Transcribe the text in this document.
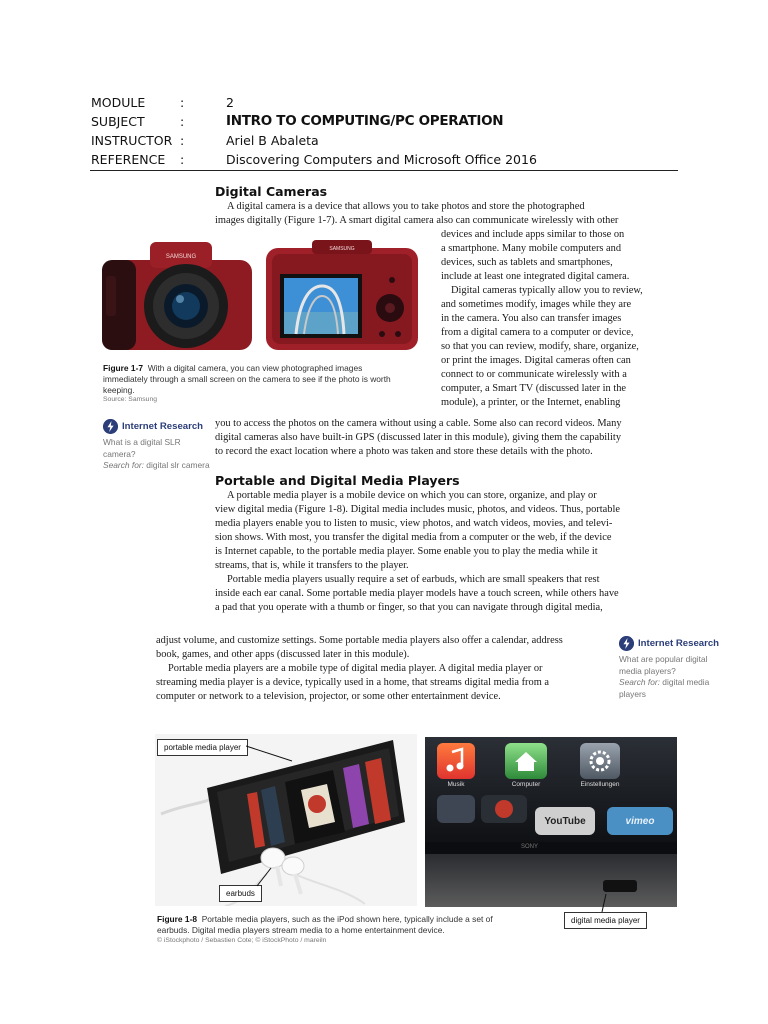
MODULE	:	2
SUBJECT	:	INTRO TO COMPUTING/PC OPERATION
INSTRUCTOR :	Ariel B Abaleta
REFERENCE :	Discovering Computers and Microsoft Office 2016
Digital Cameras
A digital camera is a device that allows you to take photos and store the photographed
images digitally (Figure 1-7). A smart digital camera also can communicate wirelessly with other
devices and include apps similar to those on
a smartphone. Many mobile computers and
devices, such as tablets and smartphones,
include at least one integrated digital camera.
Digital cameras typically allow you to review,
and sometimes modify, images while they are
in the camera. You also can transfer images
from a digital camera to a computer or device,
so that you can review, modify, share, organize,
or print the images. Digital cameras often can
connect to or communicate wirelessly with a
computer, a Smart TV (discussed later in the
module), a printer, or the Internet, enabling
you to access the photos on the camera without using a cable. Some also can record videos. Many
digital cameras also have built-in GPS (discussed later in this module), giving them the capability
to record the exact location where a photo was taken and store these details with the photo.
SAMSUNG
SAMSUNG
Figure 1-7 With a digital camera, you can view photographed images
immediately through a small screen on the camera to see if the photo is worth
keeping.
Source: Samsung
Internet Research
What is a digital SLR
camera?
Search for: digital slr camera
Portable and Digital Media Players
A portable media player is a mobile device on which you can store, organize, and play or
view digital media (Figure 1-8). Digital media includes music, photos, and videos. Thus, portable
media players enable you to listen to music, view photos, and watch videos, movies, and televi-
sion shows. With most, you transfer the digital media from a computer or the web, if the device
is Internet capable, to the portable media player. Some enable you to play the media while it
streams, that is, while it transfers to the player.
Portable media players usually require a set of earbuds, which are small speakers that rest
inside each ear canal. Some portable media player models have a touch screen, while others have
a pad that you operate with a thumb or finger, so that you can navigate through digital media,
adjust volume, and customize settings. Some portable media players also offer a calendar, address
book, games, and other apps (discussed later in this module).
Portable media players are a mobile type of digital media player. A digital media player or
streaming media player is a device, typically used in a home, that streams digital media from a
computer or network to a television, projector, or some other entertainment device.
Internet Research
What are popular digital
media players?
Search for: digital media
players
portable media player
earbuds
Musik	Computer	Einstellungen
YouTube	vimeo
SONY
digital media player
Figure 1-8 Portable media players, such as the iPod shown here, typically include a set of
earbuds. Digital media players stream media to a home entertainment device.
© iStockphoto / Sebastien Cote; © iStockPhoto / mareiln
